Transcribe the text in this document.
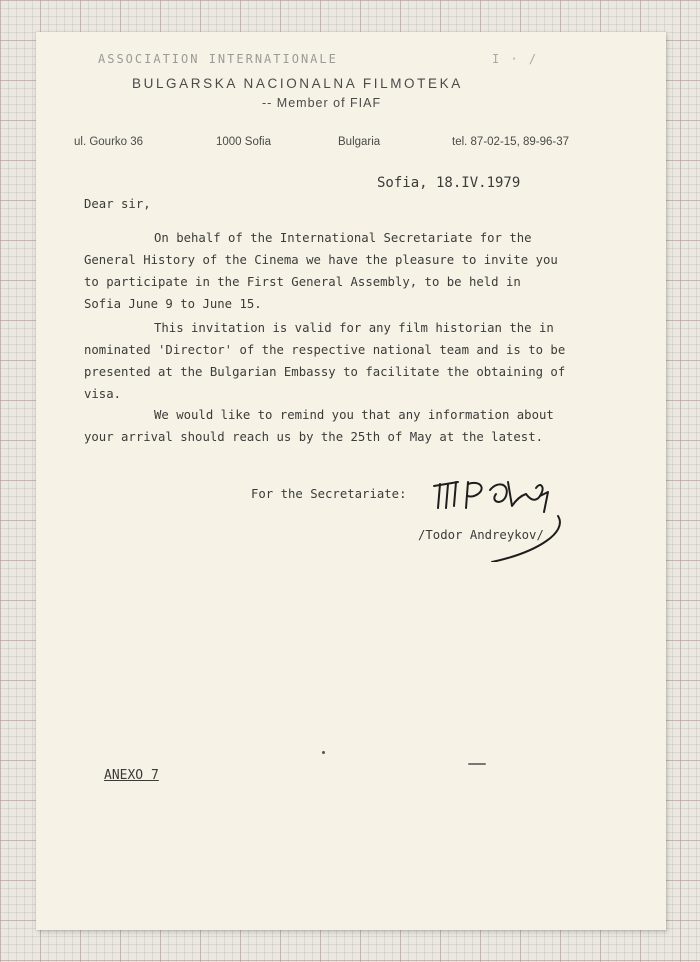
ASSOCIATION INTERNATIONALE	I · /
BULGARSKA NACIONALNA FILMOTEKA
-- Member of FIAF
ul. Gourko 36	1000 Sofia	Bulgaria	tel. 87-02-15, 89-96-37
Sofia, 18.IV.1979
Dear sir,
On behalf of the International Secretariate for the
General History of the Cinema we have the pleasure to invite you
to participate in the First General Assembly, to be held in
Sofia June 9 to June 15.
This invitation is valid for any film historian the in
nominated 'Director' of the respective national team and is to be
presented at the Bulgarian Embassy to facilitate the obtaining of
visa.
We would like to remind you that any information about
your arrival should reach us by the 25th of May at the latest.
For the Secretariate:
/Todor Andreykov/
ANEXO 7
